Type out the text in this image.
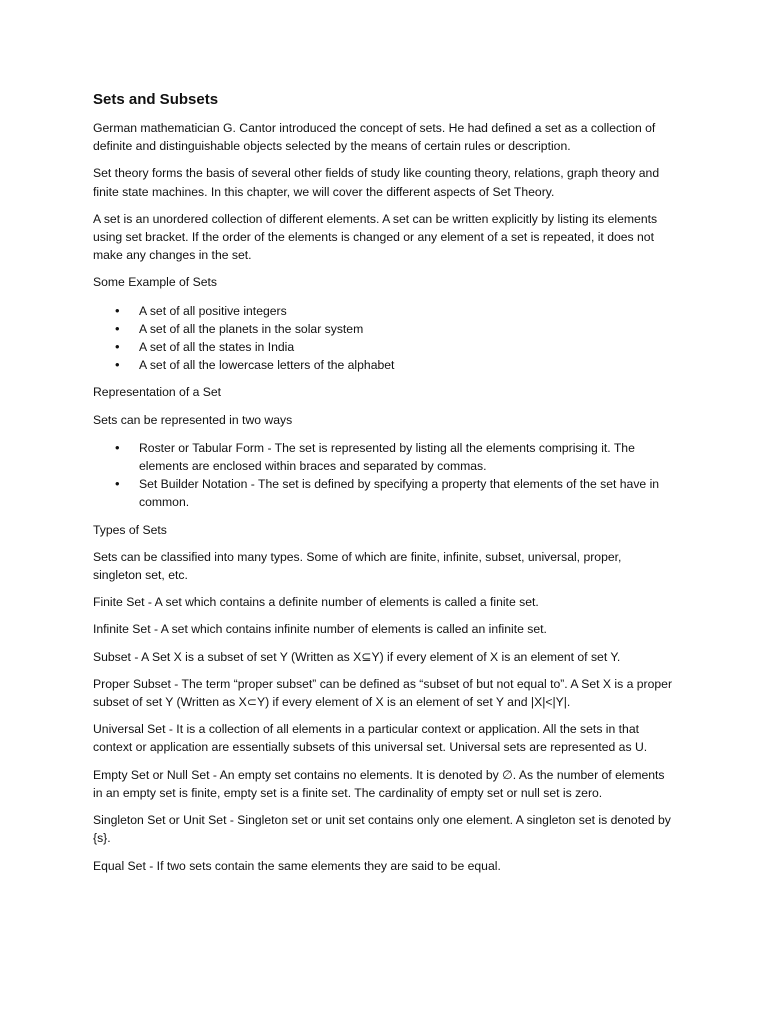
Sets and Subsets

German mathematician G. Cantor introduced the concept of sets. He had defined a set as a collection of definite and distinguishable objects selected by the means of certain rules or description.

Set theory forms the basis of several other fields of study like counting theory, relations, graph theory and finite state machines. In this chapter, we will cover the different aspects of Set Theory.

A set is an unordered collection of different elements. A set can be written explicitly by listing its elements using set bracket. If the order of the elements is changed or any element of a set is repeated, it does not make any changes in the set.

Some Example of Sets
• A set of all positive integers
• A set of all the planets in the solar system
• A set of all the states in India
• A set of all the lowercase letters of the alphabet
Representation of a Set

Sets can be represented in two ways

• Roster or Tabular Form - The set is represented by listing all the elements comprising it. The elements are enclosed within braces and separated by commas.
• Set Builder Notation - The set is defined by specifying a property that elements of the set have in common.
Types of Sets

Sets can be classified into many types. Some of which are finite, infinite, subset, universal, proper, singleton set, etc.

Finite Set - A set which contains a definite number of elements is called a finite set.

Infinite Set - A set which contains infinite number of elements is called an infinite set.

Subset - A Set X is a subset of set Y (Written as X⊆Y) if every element of X is an element of set Y.

Proper Subset - The term “proper subset” can be defined as “subset of but not equal to”. A Set X is a proper subset of set Y (Written as X⊂Y) if every element of X is an element of set Y and |X|<|Y|.

Universal Set - It is a collection of all elements in a particular context or application. All the sets in that context or application are essentially subsets of this universal set. Universal sets are represented as U.

Empty Set or Null Set - An empty set contains no elements. It is denoted by ∅. As the number of elements in an empty set is finite, empty set is a finite set. The cardinality of empty set or null set is zero.

Singleton Set or Unit Set - Singleton set or unit set contains only one element. A singleton set is denoted by {s}.

Equal Set - If two sets contain the same elements they are said to be equal.
